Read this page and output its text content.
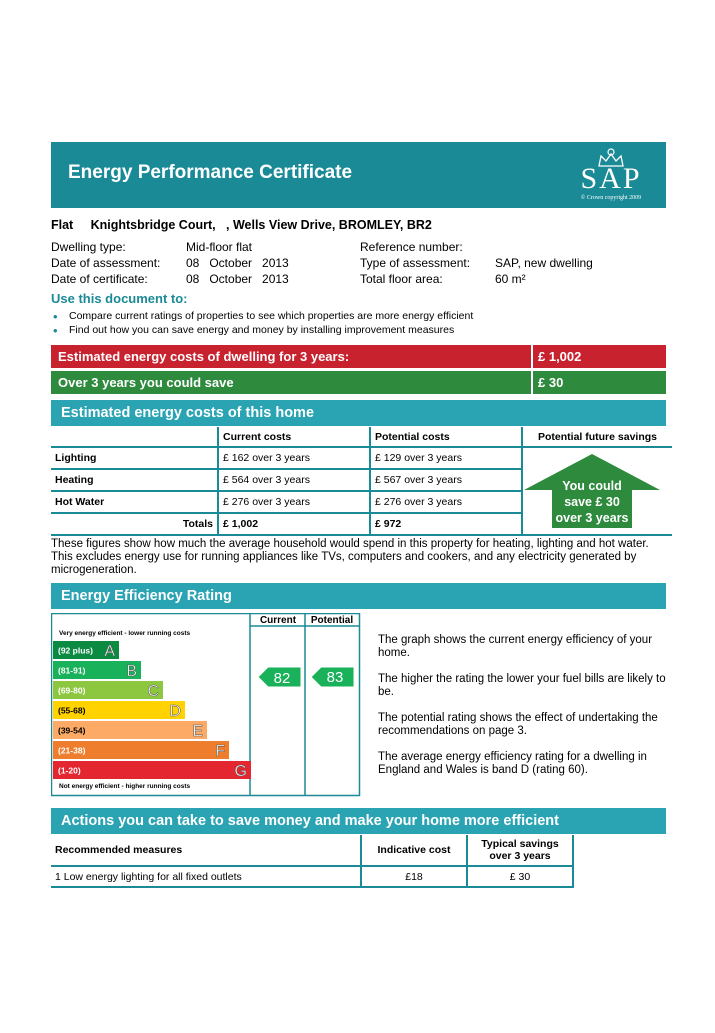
Energy Performance Certificate	SAP
© Crown copyright 2009
Flat Knightsbridge Court,   , Wells View Drive, BROMLEY, BR2
Dwelling type:	Mid-floor flat
Date of assessment: 08   October   2013
Date of certificate:	08   October   2013
Reference number:
Type of assessment: SAP, new dwelling
Total floor area:	60 m²
Use this document to:
• Compare current ratings of properties to see which properties are more energy efficient
• Find out how you can save energy and money by installing improvement measures
Estimated energy costs of dwelling for 3 years:	£ 1,002
Over 3 years you could save	£ 30
Estimated energy costs of this home
	Current costs	Potential costs	Potential future savings
Lighting	£ 162 over 3 years	£ 129 over 3 years	
Heating	£ 564 over 3 years	£ 567 over 3 years	
Hot Water	£ 276 over 3 years	£ 276 over 3 years	
Totals	£ 1,002	£ 972	
You could
save £ 30
over 3 years
These figures show how much the average household would spend in this property for heating, lighting and hot water. This excludes energy use for running appliances like TVs, computers and cookers, and any electricity generated by microgeneration.
Energy Efficiency Rating
Current Potential
Very energy efficient - lower running costs
Not energy efficient - higher running costs
(92 plus) A
(81-91)	B
(69-80)	C
(55-68)	D
(39-54)	E
(21-38)	F
(1-20)	G
82 83
The graph shows the current energy efficiency of your home.
The higher the rating the lower your fuel bills are likely to be.
The potential rating shows the effect of undertaking the recommendations on page 3.
The average energy efficiency rating for a dwelling in England and Wales is band D (rating 60).
Actions you can take to save money and make your home more efficient
Recommended measures	Indicative cost	Typical savings over 3 years
1 Low energy lighting for all fixed outlets	£18	£ 30
